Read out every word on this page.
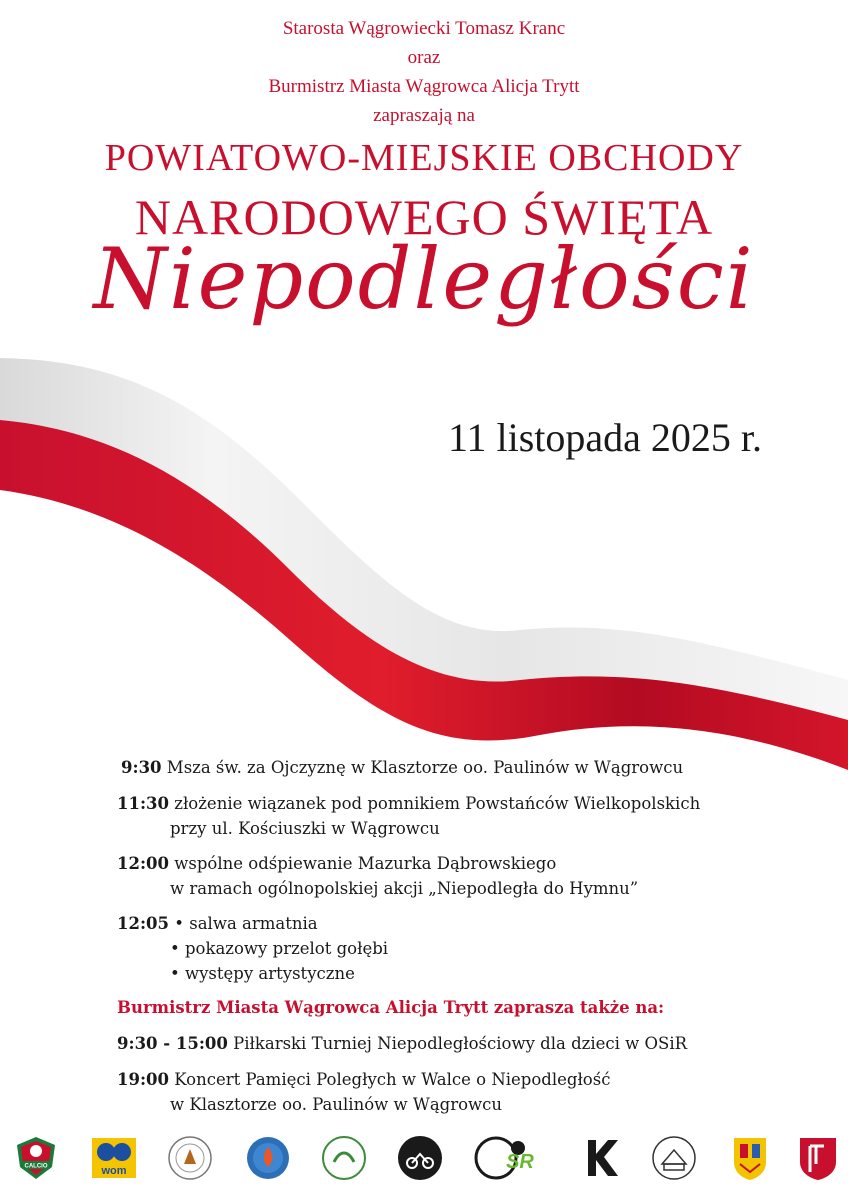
Starosta Wągrowiecki Tomasz Kranc
oraz
Burmistrz Miasta Wągrowca Alicja Trytt
zapraszają na
POWIATOWO-MIEJSKIE OBCHODY
NARODOWEGO ŚWIĘTA
Niepodległości
11 listopada 2025 r.
9:30 Msza św. za Ojczyznę w Klasztorze oo. Paulinów w Wągrowcu
11:30 złożenie wiązanek pod pomnikiem Powstańców Wielkopolskich
przy ul. Kościuszki w Wągrowcu
12:00 wspólne odśpiewanie Mazurka Dąbrowskiego
w ramach ogólnopolskiej akcji „Niepodległa do Hymnu”
12:05 • salwa armatnia
• pokazowy przelot gołębi
• występy artystyczne
Burmistrz Miasta Wągrowca Alicja Trytt zaprasza także na:
9:30 - 15:00 Piłkarski Turniej Niepodległościowy dla dzieci w OSiR
19:00 Koncert Pamięci Poległych w Walce o Niepodległość
w Klasztorze oo. Paulinów w Wągrowcu
CALCIO	wom	SR
